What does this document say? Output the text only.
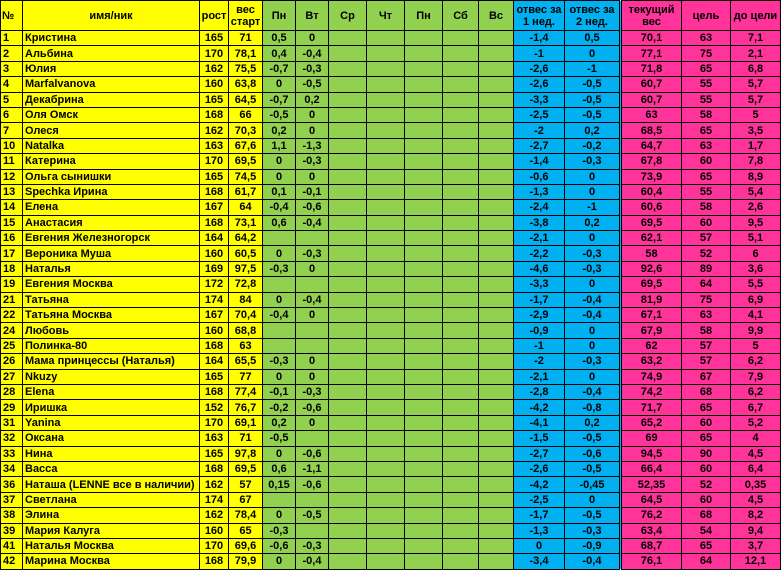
№	имя/ник	рост	вес старт	Пн	Вт	Ср	Чт	Пн	Сб	Вс	отвес за 1 нед.	отвес за 2 нед.	текущий вес	цель	до цели
1	Кристина	165	71	0,5	0						-1,4	0,5	70,1	63	7,1
2	Альбина	170	78,1	0,4	-0,4						-1	0	77,1	75	2,1
3	Юлия	162	75,5	-0,7	-0,3						-2,6	-1	71,8	65	6,8
4	Marfalvanova	160	63,8	0	-0,5						-2,6	-0,5	60,7	55	5,7
5	Декабрина	165	64,5	-0,7	0,2						-3,3	-0,5	60,7	55	5,7
6	Оля Омск	168	66	-0,5	0						-2,5	-0,5	63	58	5
7	Олеся	162	70,3	0,2	0						-2	0,2	68,5	65	3,5
10	Natalka	163	67,6	1,1	-1,3						-2,7	-0,2	64,7	63	1,7
11	Катерина	170	69,5	0	-0,3						-1,4	-0,3	67,8	60	7,8
12	Ольга сынишки	165	74,5	0	0						-0,6	0	73,9	65	8,9
13	Spechka Ирина	168	61,7	0,1	-0,1						-1,3	0	60,4	55	5,4
14	Елена	167	64	-0,4	-0,6						-2,4	-1	60,6	58	2,6
15	Анастасия	168	73,1	0,6	-0,4						-3,8	0,2	69,5	60	9,5
16	Евгения Железногорск	164	64,2								-2,1	0	62,1	57	5,1
17	Вероника Муша	160	60,5	0	-0,3						-2,2	-0,3	58	52	6
18	Наталья	169	97,5	-0,3	0						-4,6	-0,3	92,6	89	3,6
19	Евгения Москва	172	72,8								-3,3	0	69,5	64	5,5
21	Татьяна	174	84	0	-0,4						-1,7	-0,4	81,9	75	6,9
22	Татьяна Москва	167	70,4	-0,4	0						-2,9	-0,4	67,1	63	4,1
24	Любовь	160	68,8								-0,9	0	67,9	58	9,9
25	Полинка-80	168	63								-1	0	62	57	5
26	Мама принцессы (Наталья)	164	65,5	-0,3	0						-2	-0,3	63,2	57	6,2
27	Nkuzy	165	77	0	0						-2,1	0	74,9	67	7,9
28	Elena	168	77,4	-0,1	-0,3						-2,8	-0,4	74,2	68	6,2
29	Иришка	152	76,7	-0,2	-0,6						-4,2	-0,8	71,7	65	6,7
31	Yanina	170	69,1	0,2	0						-4,1	0,2	65,2	60	5,2
32	Оксана	163	71	-0,5							-1,5	-0,5	69	65	4
33	Нина	165	97,8	0	-0,6						-2,7	-0,6	94,5	90	4,5
34	Васса	168	69,5	0,6	-1,1						-2,6	-0,5	66,4	60	6,4
36	Наташа (LENNE все в наличии)	162	57	0,15	-0,6						-4,2	-0,45	52,35	52	0,35
37	Светлана	174	67								-2,5	0	64,5	60	4,5
38	Элина	162	78,4	0	-0,5						-1,7	-0,5	76,2	68	8,2
39	Мария Калуга	160	65	-0,3							-1,3	-0,3	63,4	54	9,4
41	Наталья Москва	170	69,6	-0,6	-0,3						0	-0,9	68,7	65	3,7
42	Марина Москва	168	79,9	0	-0,4						-3,4	-0,4	76,1	64	12,1
